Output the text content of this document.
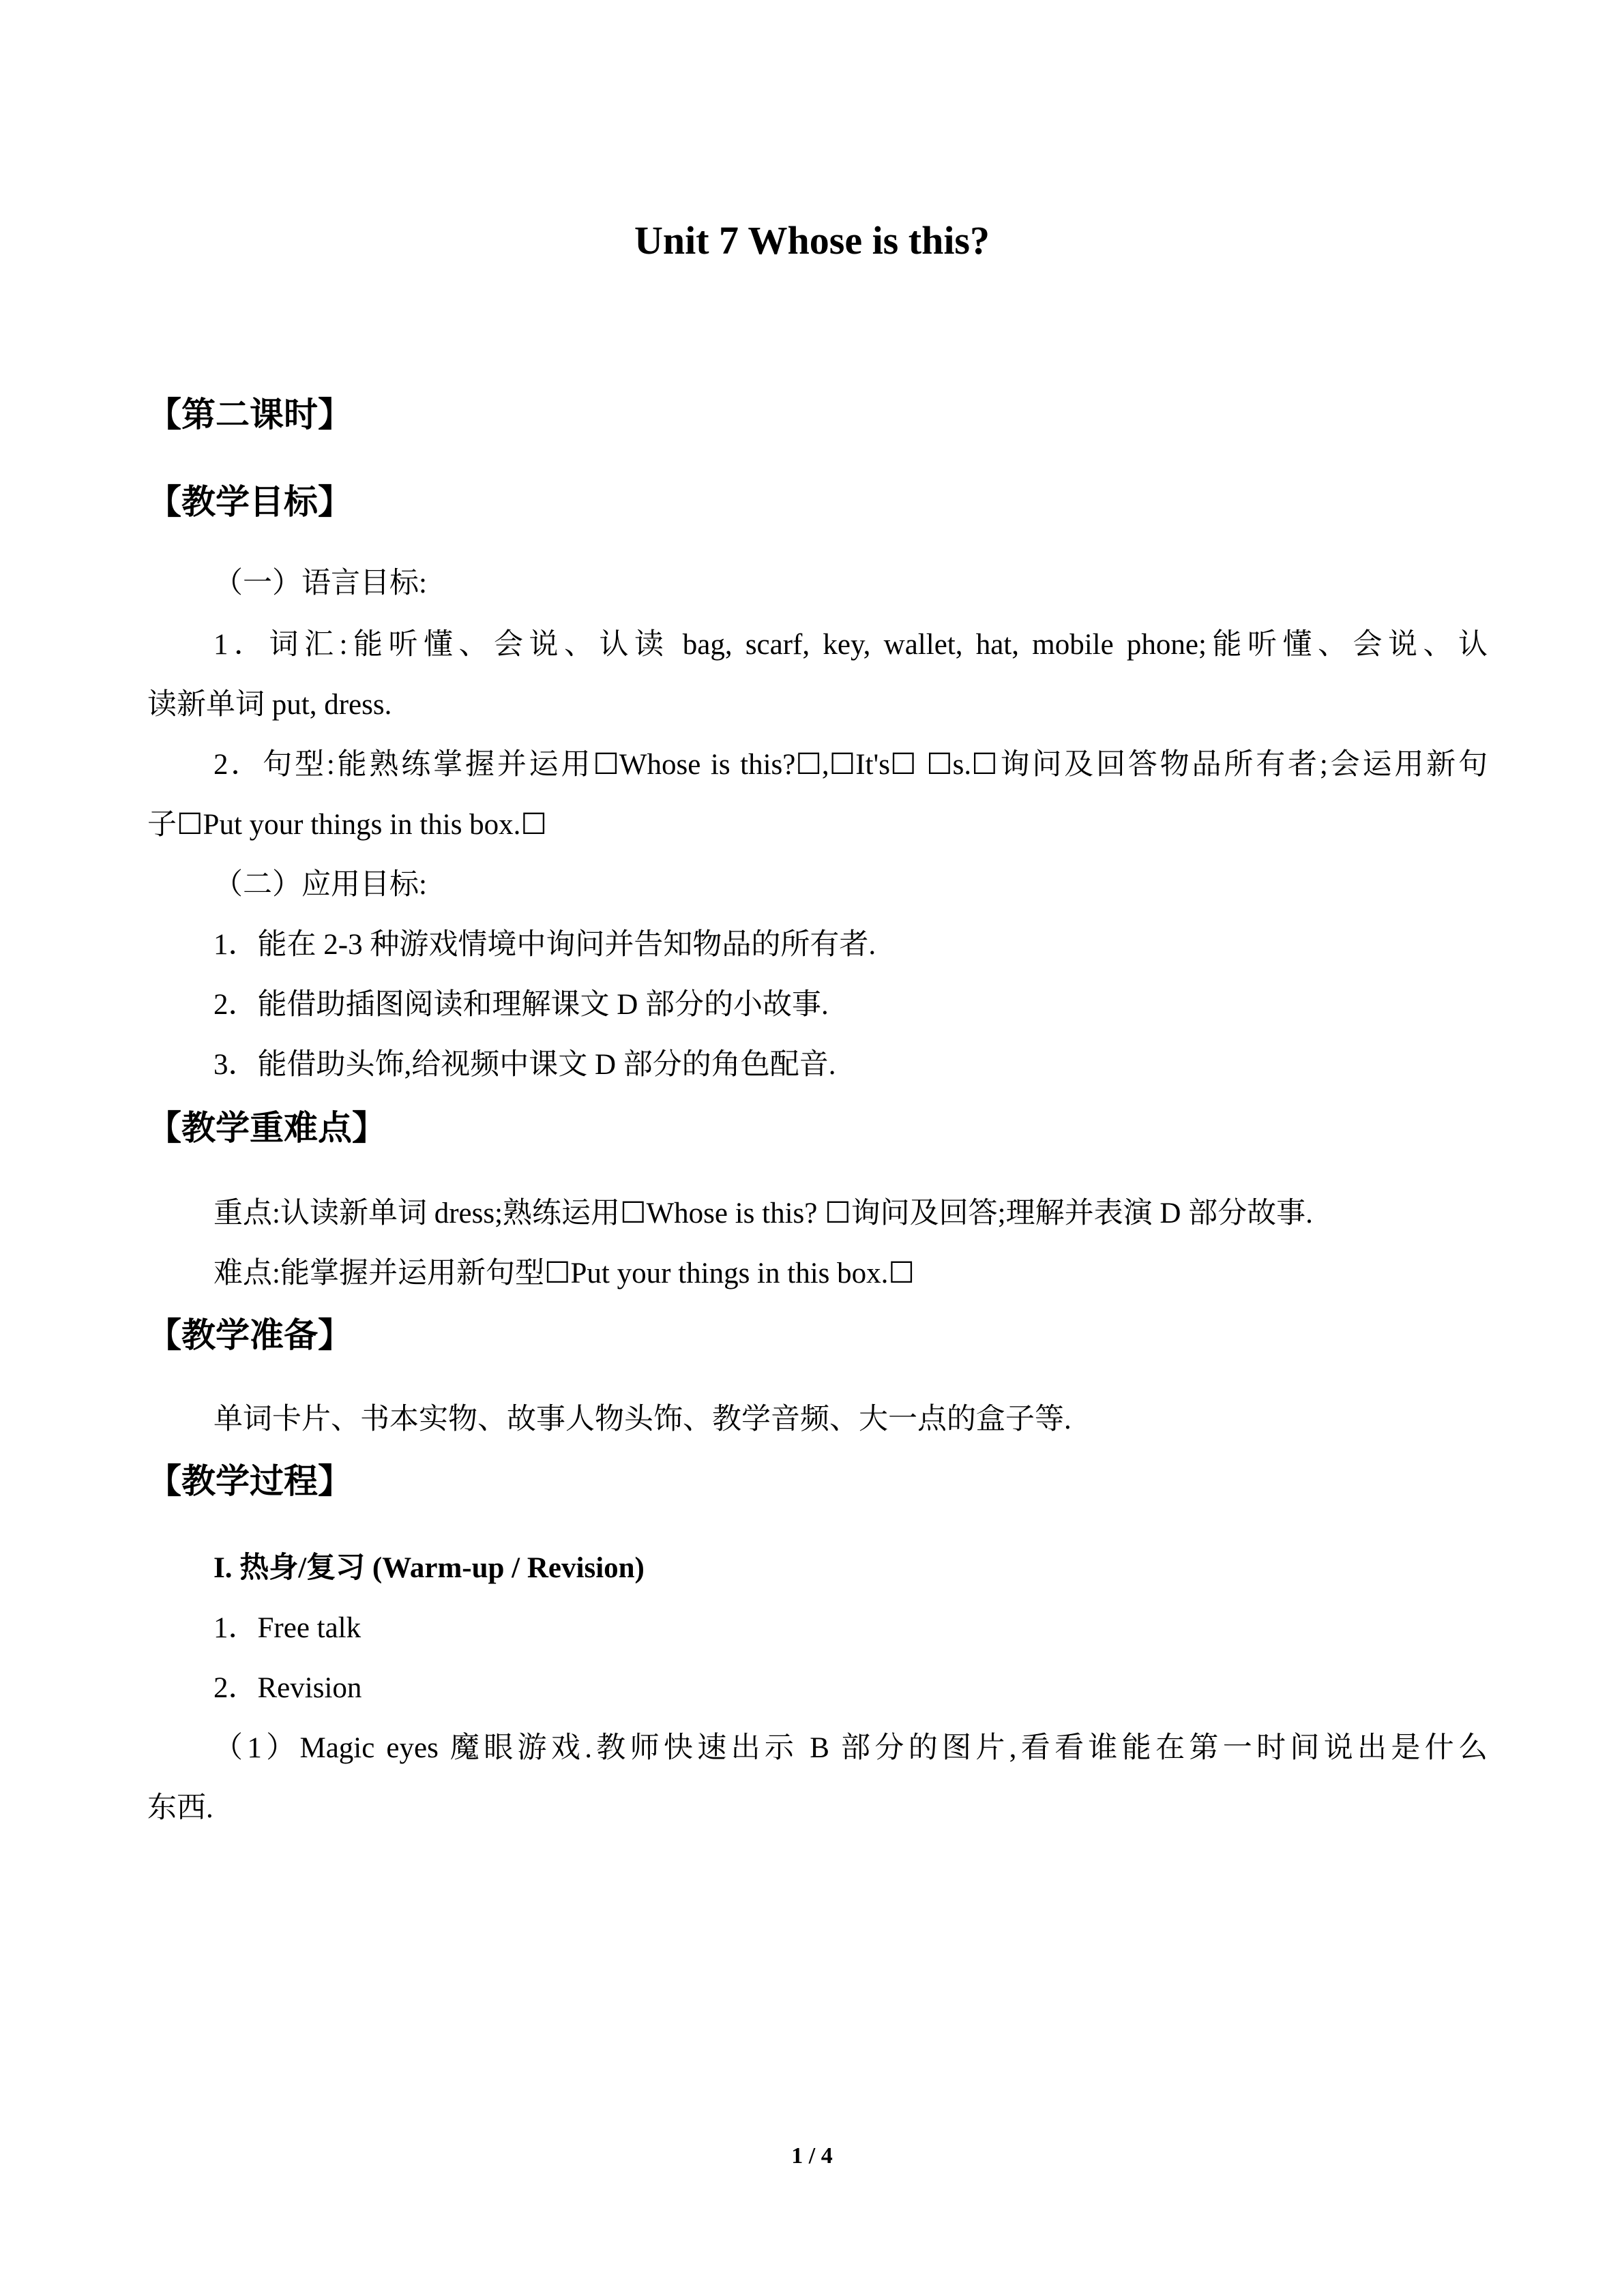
Unit 7 Whose is this?
【第二课时】
【教学目标】
（一）语言目标:
1．词汇:能听懂、会说、认读 bag, scarf, key, wallet, hat, mobile phone;能听懂、会说、认
读新单词 put, dress.
2．句型:能熟练掌握并运用☐Whose is this?☐,☐It's☐ ☐s.☐询问及回答物品所有者;会运用新句
子☐Put your things in this box.☐
（二）应用目标:
1．能在 2-3 种游戏情境中询问并告知物品的所有者.
2．能借助插图阅读和理解课文 D 部分的小故事.
3．能借助头饰,给视频中课文 D 部分的角色配音.
【教学重难点】
重点:认读新单词 dress;熟练运用☐Whose is this? ☐询问及回答;理解并表演 D 部分故事.
难点:能掌握并运用新句型☐Put your things in this box.☐
【教学准备】
单词卡片、书本实物、故事人物头饰、教学音频、大一点的盒子等.
【教学过程】
I. 热身/复习 (Warm-up / Revision)
1．Free talk
2．Revision
（1）Magic eyes 魔眼游戏.教师快速出示 B 部分的图片,看看谁能在第一时间说出是什么
东西.
1 / 4
